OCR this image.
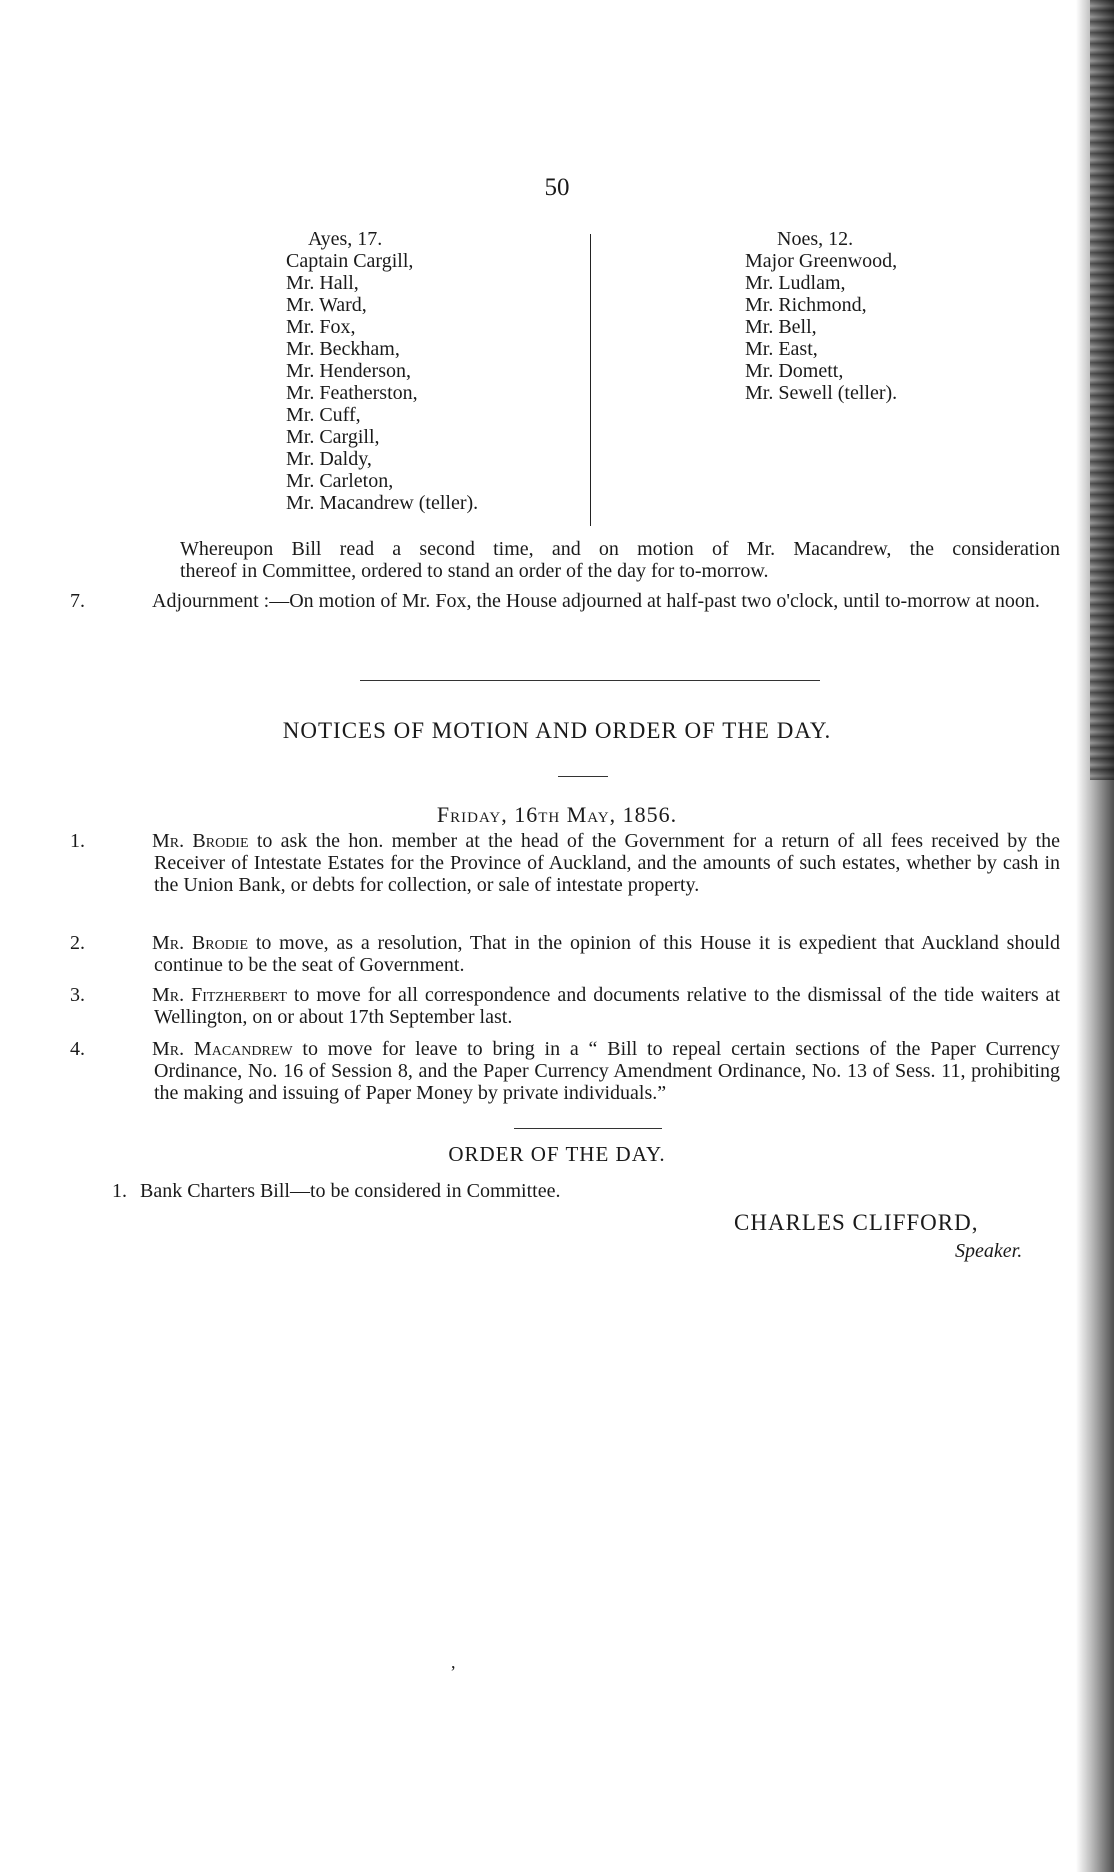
50
Ayes, 17.
Captain Cargill,
Mr. Hall,
Mr. Ward,
Mr. Fox,
Mr. Beckham,
Mr. Henderson,
Mr. Featherston,
Mr. Cuff,
Mr. Cargill,
Mr. Daldy,
Mr. Carleton,
Mr. Macandrew (teller).
Noes, 12.
Major Greenwood,
Mr. Ludlam,
Mr. Richmond,
Mr. Bell,
Mr. East,
Mr. Domett,
Mr. Sewell (teller).
Whereupon Bill read a second time, and on motion of Mr. Macandrew, the consideration
thereof in Committee, ordered to stand an order of the day for to-morrow.
7.	Adjournment :—On motion of Mr. Fox, the House adjourned at half-past two o'clock, until to-morrow at noon.
NOTICES OF MOTION AND ORDER OF THE DAY.
Friday, 16th May, 1856.
1.	Mr. Brodie to ask the hon. member at the head of the Government for a return of all fees received by the Receiver of Intestate Estates for the Province of Auckland, and the amounts of such estates, whether by cash in the Union Bank, or debts for collection, or sale of intestate property.
2.	Mr. Brodie to move, as a resolution, That in the opinion of this House it is expedient that Auckland should continue to be the seat of Government.
3.	Mr. Fitzherbert to move for all correspondence and documents relative to the dismissal of the tide waiters at Wellington, on or about 17th September last.
4.	Mr. Macandrew to move for leave to bring in a “ Bill to repeal certain sections of the Paper Currency Ordinance, No. 16 of Session 8, and the Paper Currency Amendment Ordinance, No. 13 of Sess. 11, prohibiting the making and issuing of Paper Money by private individuals.”
ORDER OF THE DAY.
1. Bank Charters Bill—to be considered in Committee.
CHARLES CLIFFORD,
Speaker.
,
